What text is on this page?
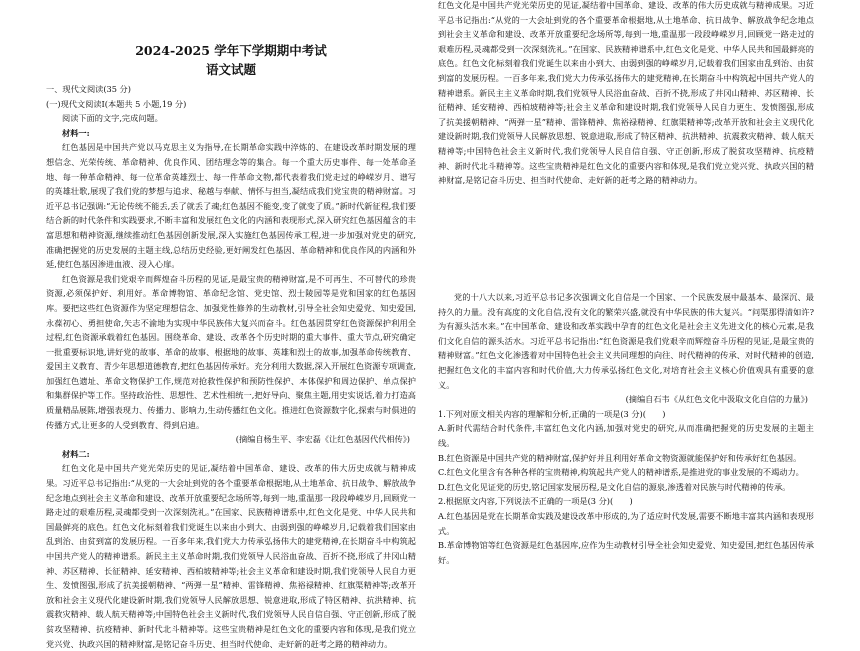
2024-2025 学年下学期期中考试

语文试题

一、现代文阅读(35 分)

(一)现代文阅读Ⅰ(本题共 5 小题,19 分)

阅读下面的文字,完成问题。

材料一:

红色基因是中国共产党以马克思主义为指导,在长期革命实践中淬炼的、在建设改革时期发展的理想信念、光荣传统、革命精神、优良作风、团结理念等的集合。每一个重大历史事件、每一处革命圣地、每一种革命精神、每一位革命英雄烈士、每一件革命文物,都代表着我们党走过的峥嵘岁月、谱写的英雄壮歌,展现了我们党的梦想与追求、秘越与奉献、情怀与担当,凝结成我们党宝贵的精神财富。习近平总书记强调:“无论传统不能丢,丢了就丢了魂;红色基因不能变,变了就变了质。”新时代新征程,我们要结合新的时代条件和实践要求,不断丰富和发展红色文化的内涵和表现形式,深入研究红色基因蕴含的丰富思想和精神资源,继续推动红色基因创新发展,深入实施红色基因传承工程,进一步加强对党史的研究,准确把握党的历史发展的主题主线,总结历史经验,更好阐发红色基因、革命精神和优良作风的内涵和外延,使红色基因渗进血液、浸入心扉。

红色资源是我们党艰辛而辉煌奋斗历程的见证,是最宝贵的精神财富,是不可再生、不可替代的珍贵资源,必须保护好、利用好。革命博物馆、革命纪念馆、党史馆、烈士陵园等是党和国家的红色基因库。要把这些红色资源作为坚定理想信念、加强党性修养的生动教材,引导全社会知史爱党、知史爱国,永葆初心、勇担使命,矢志不渝地为实现中华民族伟大复兴而奋斗。红色基因贯穿红色资源保护利用全过程,红色资源承载着红色基因。围绕革命、建设、改革各个历史时期的重大事件、重大节点,研究确定一批重要标识地,讲好党的故事、革命的故事、根据地的故事、英雄和烈士的故事,加强革命传统教育、爱国主义教育、青少年思想道德教育,把红色基因传承好。充分利用大数据,深入开展红色资源专项调查,加强红色遗址、革命文物保护工作,规范对抢救性保护和预防性保护、本体保护和周边保护、单点保护和集群保护等工作。坚持政治性、思想性、艺术性相统一,把好导向、聚焦主题,用史实说话,着力打造高质量精品展陈,增强表现力、传播力、影响力,生动传播红色文化。推进红色资源数字化,探索与时俱进的传播方式,让更多的人受到教育、得到启迪。

(摘编自杨生平、李宏磊《让红色基因代代相传》)

材料二:

红色文化是中国共产党光荣历史的见证,凝结着中国革命、建设、改革的伟大历史成就与精神成果。习近平总书记指出:“从党的一大会址到党的各个重要革命根据地,从土地革命、抗日战争、解放战争纪念地点到社会主义革命和建设、改革开放重要纪念场所等,每到一地,重温那一段段峥嵘岁月,回顾党一路走过的艰难历程,灵魂都受到一次深刻洗礼。”在国家、民族精神谱系中,红色文化是党、中华人民共和国最鲜亮的底色。红色文化标刻着我们党诞生以来由小到大、由弱到强的峥嵘岁月,记载着我们国家由乱到治、由贫到富的发展历程。一百多年来,我们党大力传承弘扬伟大的建党精神,在长期奋斗中构筑起中国共产党人的精神谱系。新民主主义革命时期,我们党领导人民浴血奋战、百折不挠,形成了井冈山精神、苏区精神、长征精神、延安精神、西柏坡精神等;社会主义革命和建设时期,我们党领导人民自力更生、发愤图强,形成了抗美援朝精神、“两弹一星”精神、雷锋精神、焦裕禄精神、红旗渠精神等;改革开放和社会主义现代化建设新时期,我们党领导人民解放思想、锐意进取,形成了特区精神、抗洪精神、抗震救灾精神、载人航天精神等;中国特色社会主义新时代,我们党领导人民自信自强、守正创新,形成了脱贫攻坚精神、抗疫精神、新时代北斗精神等。这些宝贵精神是红色文化的重要内容和体现,是我们党立党兴党、执政兴国的精神财富,是铭记奋斗历史、担当时代使命、走好新的赶考之路的精神动力。

红色文化是中国共产党光荣历史的见证,凝结着中国革命、建设、改革的伟大历史成就与精神成果。习近平总书记指出:“从党的一大会址到党的各个重要革命根据地,从土地革命、抗日战争、解放战争纪念地点到社会主义革命和建设、改革开放重要纪念场所等,每到一地,重温那一段段峥嵘岁月,回顾党一路走过的艰难历程,灵魂都受到一次深刻洗礼。”在国家、民族精神谱系中,红色文化是党、中华人民共和国最鲜亮的底色。红色文化标刻着我们党诞生以来由小到大、由弱到强的峥嵘岁月,记载着我们国家由乱到治、由贫到富的发展历程。一百多年来,我们党大力传承弘扬伟大的建党精神,在长期奋斗中构筑起中国共产党人的精神谱系。新民主主义革命时期,我们党领导人民浴血奋战、百折不挠,形成了井冈山精神、苏区精神、长征精神、延安精神、西柏坡精神等;社会主义革命和建设时期,我们党领导人民自力更生、发愤图强,形成了抗美援朝精神、“两弹一星”精神、雷锋精神、焦裕禄精神、红旗渠精神等;改革开放和社会主义现代化建设新时期,我们党领导人民解放思想、锐意进取,形成了特区精神、抗洪精神、抗震救灾精神、载人航天精神等;中国特色社会主义新时代,我们党领导人民自信自强、守正创新,形成了脱贫攻坚精神、抗疫精神、新时代北斗精神等。这些宝贵精神是红色文化的重要内容和体现,是我们党立党兴党、执政兴国的精神财富,是铭记奋斗历史、担当时代使命、走好新的赶考之路的精神动力。

党的十八大以来,习近平总书记多次强调文化自信是一个国家、一个民族发展中最基本、最深沉、最持久的力量。没有高度的文化自信,没有文化的繁荣兴盛,就没有中华民族的伟大复兴。“问渠那得清如许?为有源头活水来。”在中国革命、建设和改革实践中孕育的红色文化是社会主义先进文化的核心元素,是我们文化自信的源头活水。习近平总书记指出:“红色资源是我们党艰辛而辉煌奋斗历程的见证,是最宝贵的精神财富。”红色文化渗透着对中国特色社会主义共同理想的向往、时代精神的传承、对时代精神的创造,把握红色文化的丰富内容和时代价值,大力传承弘扬红色文化,对培育社会主义核心价值观具有重要的意义。

(摘编自石韦《从红色文化中汲取文化自信的力量》)

1.下列对原文相关内容的理解和分析,正确的一项是(3 分)(　　)

A.新时代需结合时代条件,丰富红色文化内涵,加强对党史的研究,从而准确把握党的历史发展的主题主线。

B.红色资源是中国共产党的精神财富,保护好并且利用好革命文物资源就能保护好和传承好红色基因。

C.红色文化里含有各种各样的宝贵精神,构筑起共产党人的精神谱系,是推进党的事业发展的不竭动力。

D.红色文化见证党的历史,铭记国家发展历程,是文化自信的源泉,渗透着对民族与时代精神的传承。

2.根据原文内容,下列说法不正确的一项是(3 分)(　　)

A.红色基因是党在长期革命实践及建设改革中形成的,为了适应时代发展,需要不断地丰富其内涵和表现形式。

B.革命博物馆等红色资源是红色基因库,应作为生动教材引导全社会知史爱党、知史爱国,把红色基因传承好。
